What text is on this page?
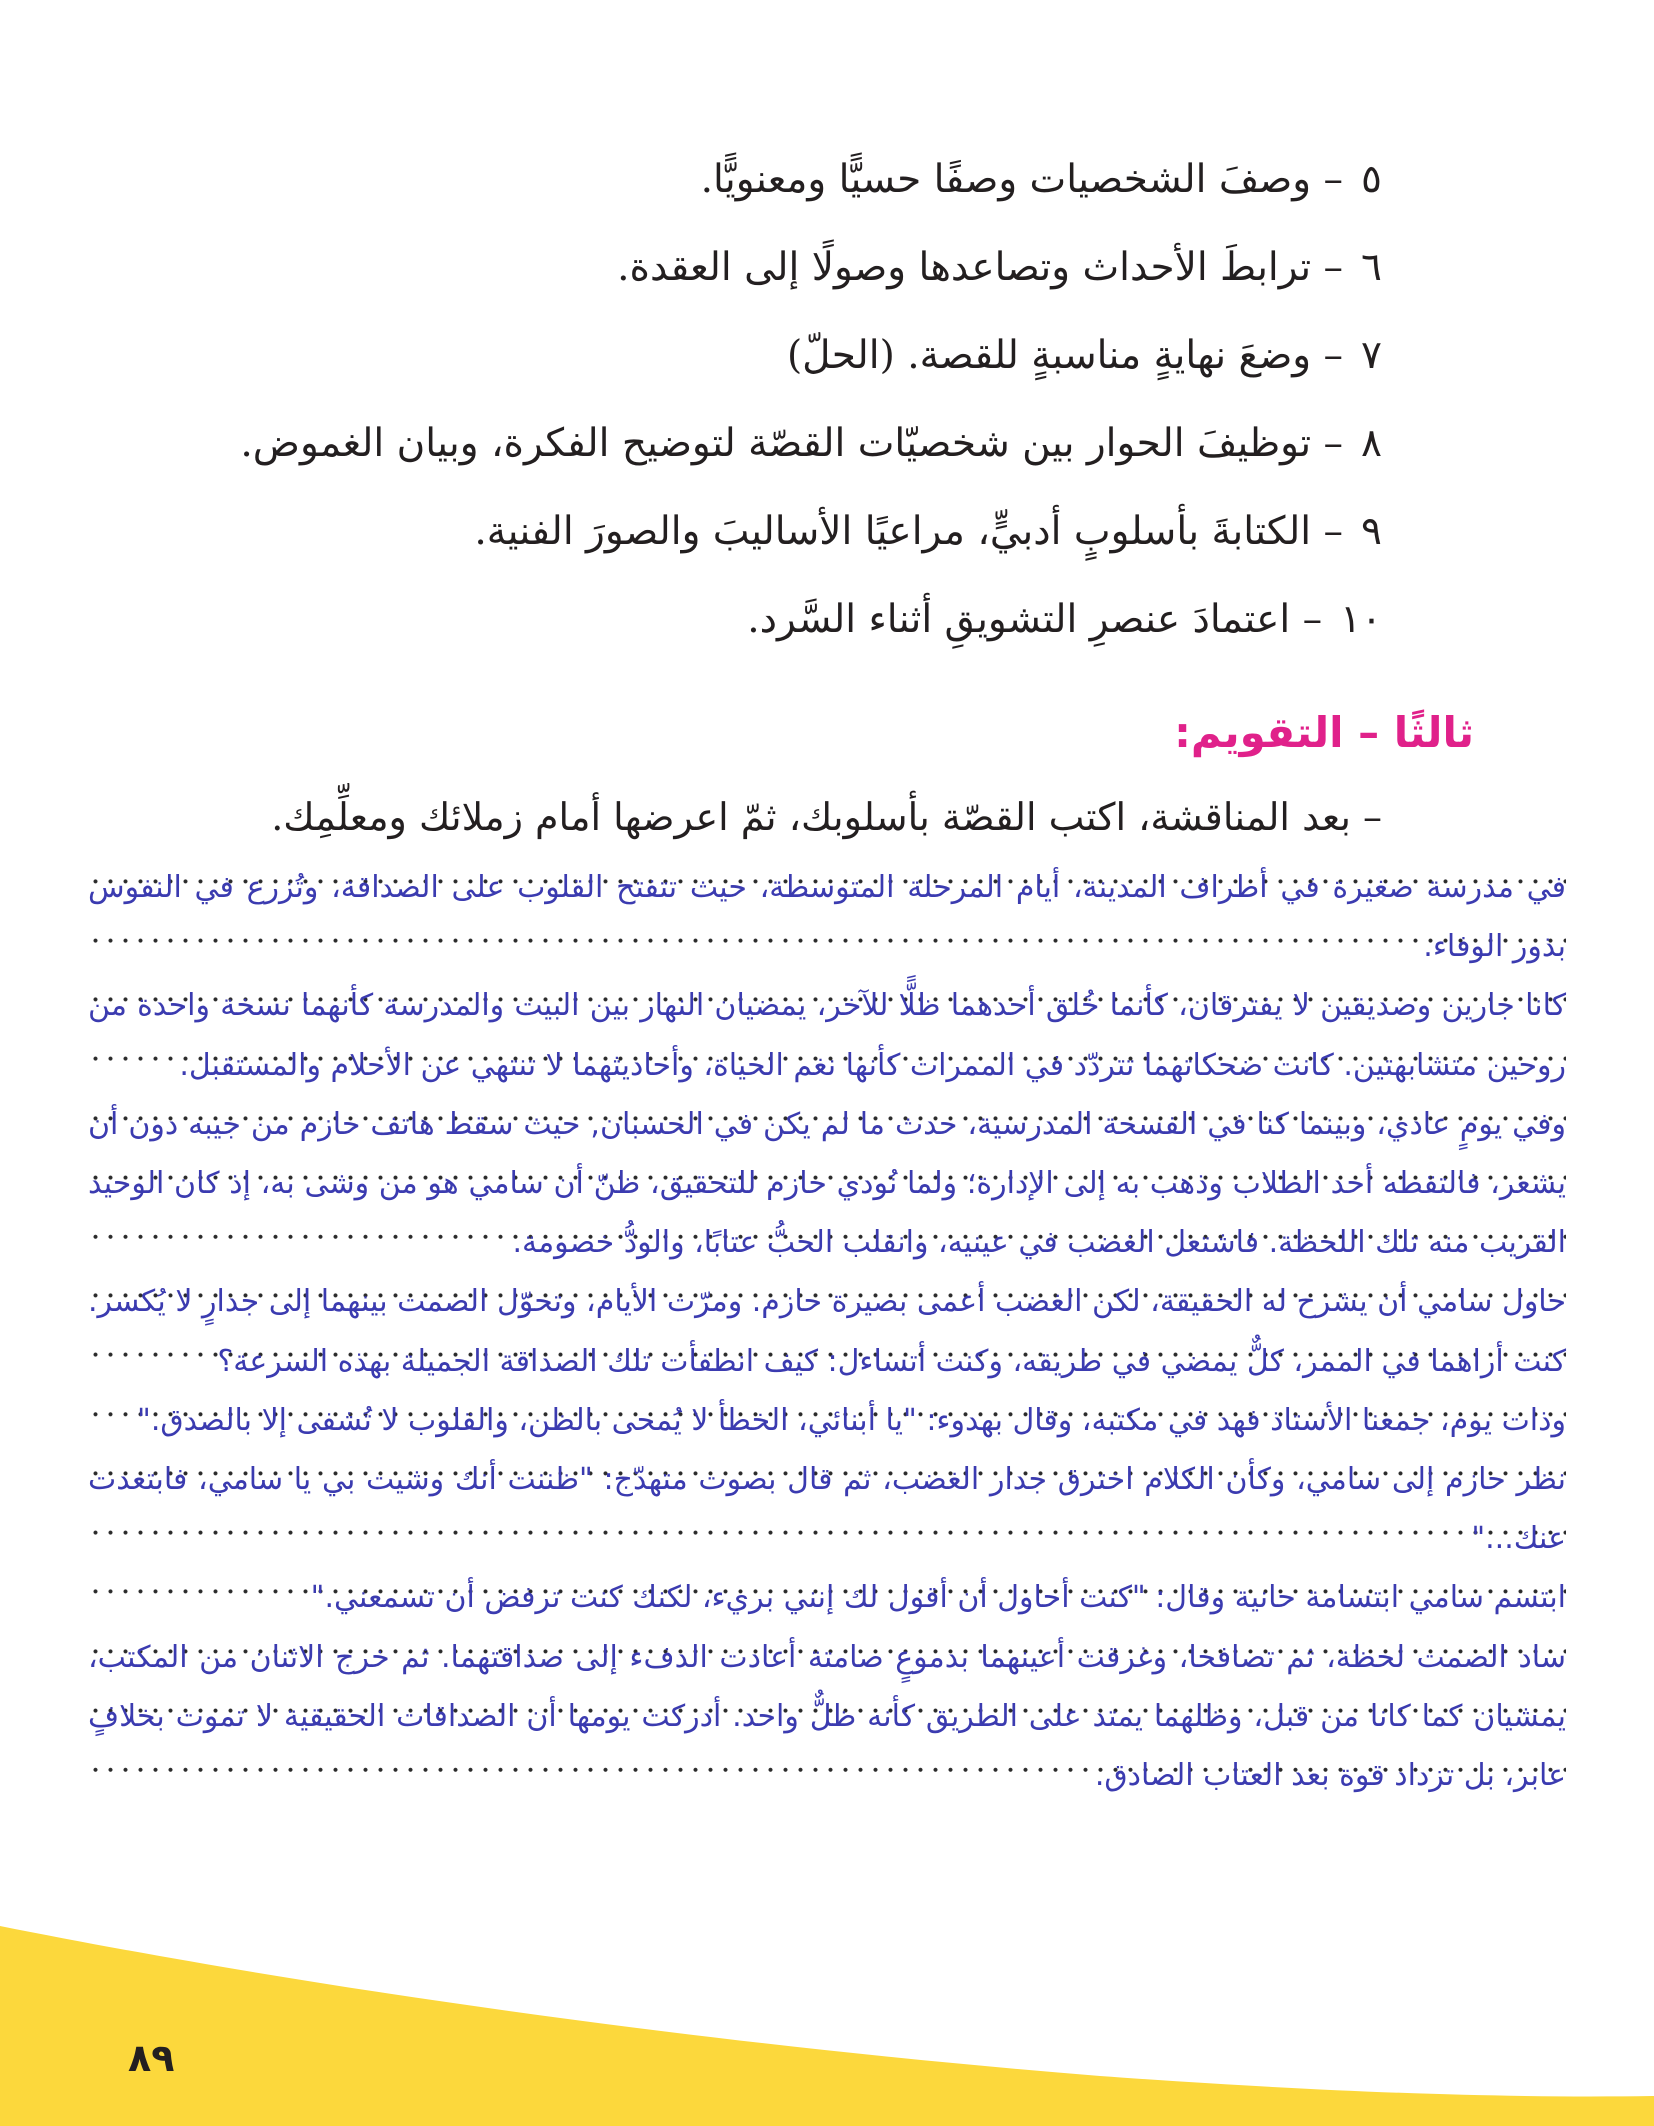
٥– وصفَ الشخصيات وصفًا حسيًّا ومعنويًّا.
٦– ترابطَ الأحداث وتصاعدها وصولًا إلى العقدة.
٧– وضعَ نهايةٍ مناسبةٍ للقصة. (الحلّ)
٨– توظيفَ الحوار بين شخصيّات القصّة لتوضيح الفكرة، وبيان الغموض.
٩– الكتابةَ بأسلوبٍ أدبيٍّ، مراعيًا الأساليبَ والصورَ الفنية.
١٠– اعتمادَ عنصرِ التشويقِ أثناء السَّرد.
ثالثًا – التقويم:

– بعد المناقشة، اكتب القصّة بأسلوبك، ثمّ اعرضها أمام زملائك ومعلِّمِك.

في مدرسة صغيرة في أطراف المدينة، أيام المرحلة المتوسطة، حيث تتفتح القلوب على الصداقة، وتُزرع في النفوس بذور الوفاء.

كانا جارين وصديقين لا يفترقان، كأنما خُلق أحدهما ظلًّا للآخر، يمضيان النهار بين البيت والمدرسة كأنهما نسخة واحدة من روحين متشابهتين. كانت ضحكاتهما تتردّد في الممرات كأنها نغم الحياة، وأحاديثهما لا تنتهي عن الأحلام والمستقبل.

وفي يومٍ عادي، وبينما كنا في الفسحة المدرسية، حدث ما لم يكن في الحسبان, حيث سقط هاتف حازم من جيبه دون أن يشعر، فالتقطه أحد الطلاب وذهب به إلى الإدارة؛ ولما نُودي حازم للتحقيق، ظنّ أن سامي هو من وشى به، إذ كان الوحيد القريب منه تلك اللحظة. فاشتعل الغضب في عينيه، وانقلب الحبُّ عتابًا، والودُّ خصومة.

حاول سامي أن يشرح له الحقيقة، لكن الغضب أعمى بصيرة حازم. ومرّت الأيام، وتحوّل الصمت بينهما إلى جدارٍ لا يُكسر. كنت أراهما في الممر، كلٌّ يمضي في طريقه، وكنت أتساءل: كيف انطفأت تلك الصداقة الجميلة بهذه السرعة؟

وذات يوم، جمعنا الأستاذ فهد في مكتبه، وقال بهدوء: "يا أبنائي، الخطأ لا يُمحى بالظن، والقلوب لا تُشفى إلا بالصدق."

نظر حازم إلى سامي، وكأن الكلام اخترق جدار الغضب، ثم قال بصوت متهدّج: "ظننت أنك وشيت بي يا سامي، فابتعدت عنك..."

ابتسم سامي ابتسامة حانية وقال: "كنت أحاول أن أقول لك إنني بريء، لكنك كنت ترفض أن تسمعني."

ساد الصمت لحظة، ثم تصافحا، وغرقت أعينهما بدموعٍ صامتة أعادت الدفء إلى صداقتهما. ثم خرج الاثنان من المكتب، يمشيان كما كانا من قبل، وظلهما يمتد على الطريق كأنه ظلٌّ واحد. أدركت يومها أن الصداقات الحقيقية لا تموت بخلافٍ عابر، بل تزداد قوة بعد العتاب الصادق.

٨٩
